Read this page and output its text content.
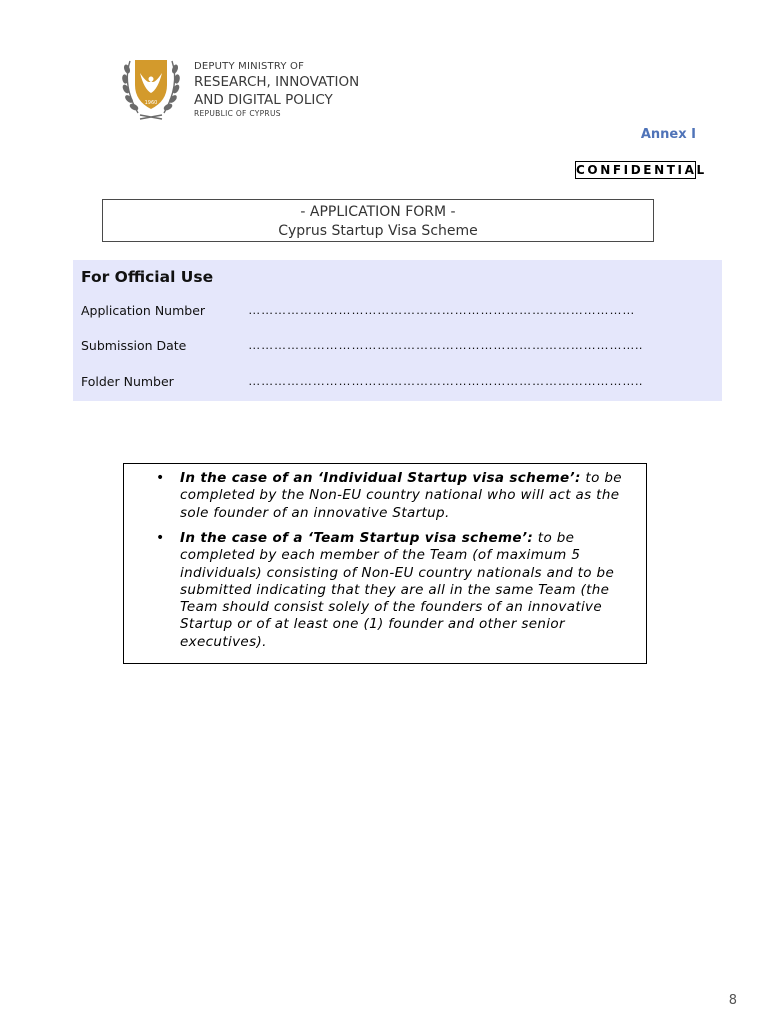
1960
DEPUTY MINISTRY OF
RESEARCH, INNOVATION
AND DIGITAL POLICY
REPUBLIC OF CYPRUS
Annex I
CONFIDENTIAL
- APPLICATION FORM -
Cyprus Startup Visa Scheme
For Official Use
Application Number	………………………………………………………………………………
Submission Date	………………………………………………………………………………..
Folder Number	………………………………………………………………………………..
• In the case of an ‘Individual Startup visa scheme’: to be completed by the Non-EU country national who will act as the sole founder of an innovative Startup.
• In the case of a ‘Team Startup visa scheme’: to be completed by each member of the Team (of maximum 5 individuals) consisting of Non-EU country nationals and to be submitted indicating that they are all in the same Team (the Team should consist solely of the founders of an innovative Startup or of at least one (1) founder and other senior executives).
8
